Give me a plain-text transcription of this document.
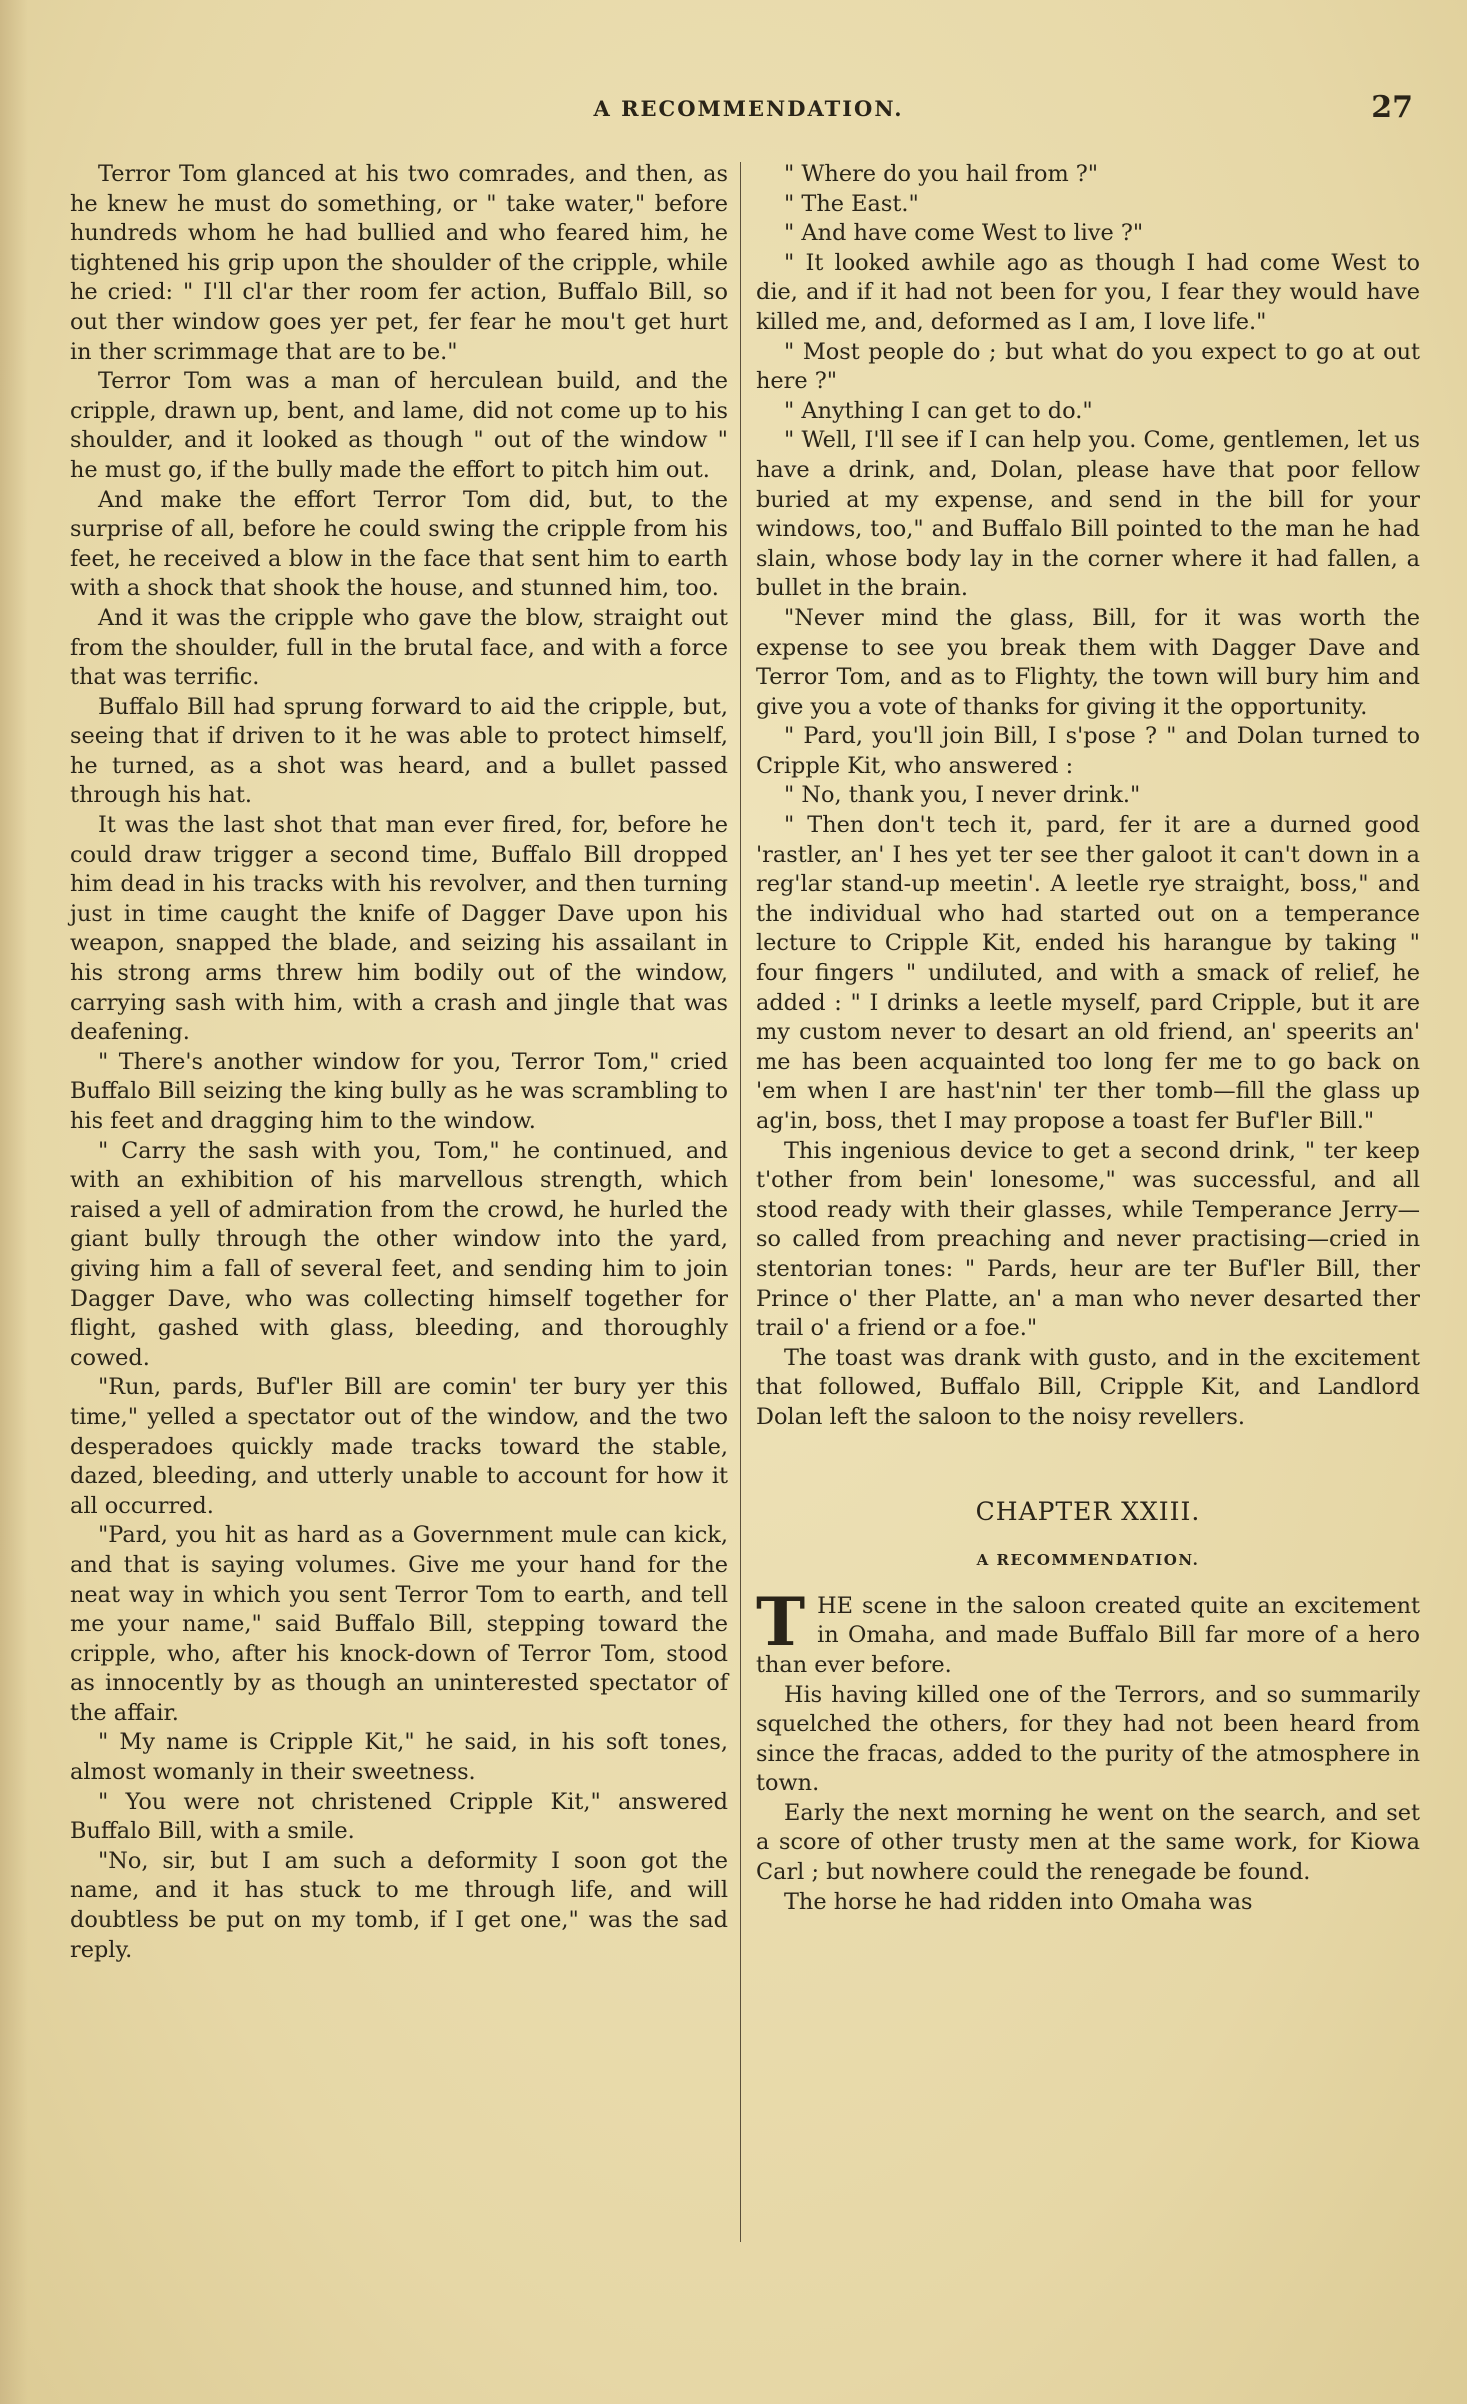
A RECOMMENDATION.	27

Terror Tom glanced at his two comrades, and then, as he knew he must do something, or " take water," before hundreds whom he had bullied and who feared him, he tightened his grip upon the shoulder of the cripple, while he cried: " I'll cl'ar ther room fer action, Buffalo Bill, so out ther window goes yer pet, fer fear he mou't get hurt in ther scrimmage that are to be."

Terror Tom was a man of herculean build, and the cripple, drawn up, bent, and lame, did not come up to his shoulder, and it looked as though " out of the window " he must go, if the bully made the effort to pitch him out.

And make the effort Terror Tom did, but, to the surprise of all, before he could swing the cripple from his feet, he received a blow in the face that sent him to earth with a shock that shook the house, and stunned him, too.

And it was the cripple who gave the blow, straight out from the shoulder, full in the brutal face, and with a force that was terrific.

Buffalo Bill had sprung forward to aid the cripple, but, seeing that if driven to it he was able to protect himself, he turned, as a shot was heard, and a bullet passed through his hat.

It was the last shot that man ever fired, for, before he could draw trigger a second time, Buffalo Bill dropped him dead in his tracks with his revolver, and then turning just in time caught the knife of Dagger Dave upon his weapon, snapped the blade, and seizing his assailant in his strong arms threw him bodily out of the window, carrying sash with him, with a crash and jingle that was deafening.

" There's another window for you, Terror Tom," cried Buffalo Bill seizing the king bully as he was scrambling to his feet and dragging him to the window.

" Carry the sash with you, Tom," he continued, and with an exhibition of his marvellous strength, which raised a yell of admiration from the crowd, he hurled the giant bully through the other window into the yard, giving him a fall of several feet, and sending him to join Dagger Dave, who was collecting himself together for flight, gashed with glass, bleeding, and thoroughly cowed.

"Run, pards, Buf'ler Bill are comin' ter bury yer this time," yelled a spectator out of the window, and the two desperadoes quickly made tracks toward the stable, dazed, bleeding, and utterly unable to account for how it all occurred.

"Pard, you hit as hard as a Government mule can kick, and that is saying volumes. Give me your hand for the neat way in which you sent Terror Tom to earth, and tell me your name," said Buffalo Bill, stepping toward the cripple, who, after his knock-down of Terror Tom, stood as innocently by as though an uninterested spectator of the affair.

" My name is Cripple Kit," he said, in his soft tones, almost womanly in their sweetness.

" You were not christened Cripple Kit," answered Buffalo Bill, with a smile.

"No, sir, but I am such a deformity I soon got the name, and it has stuck to me through life, and will doubtless be put on my tomb, if I get one," was the sad reply.

" Where do you hail from ?"

" The East."

" And have come West to live ?"

" It looked awhile ago as though I had come West to die, and if it had not been for you, I fear they would have killed me, and, deformed as I am, I love life."

" Most people do ; but what do you expect to go at out here ?"

" Anything I can get to do."

" Well, I'll see if I can help you. Come, gentlemen, let us have a drink, and, Dolan, please have that poor fellow buried at my expense, and send in the bill for your windows, too," and Buffalo Bill pointed to the man he had slain, whose body lay in the corner where it had fallen, a bullet in the brain.

"Never mind the glass, Bill, for it was worth the expense to see you break them with Dagger Dave and Terror Tom, and as to Flighty, the town will bury him and give you a vote of thanks for giving it the opportunity.

" Pard, you'll join Bill, I s'pose ? " and Dolan turned to Cripple Kit, who answered :

" No, thank you, I never drink."

" Then don't tech it, pard, fer it are a durned good 'rastler, an' I hes yet ter see ther galoot it can't down in a reg'lar stand-up meetin'. A leetle rye straight, boss," and the individual who had started out on a temperance lecture to Cripple Kit, ended his harangue by taking " four fingers " undiluted, and with a smack of relief, he added : " I drinks a leetle myself, pard Cripple, but it are my custom never to desart an old friend, an' speerits an' me has been acquainted too long fer me to go back on 'em when I are hast'nin' ter ther tomb—fill the glass up ag'in, boss, thet I may propose a toast fer Buf'ler Bill."

This ingenious device to get a second drink, " ter keep t'other from bein' lonesome," was successful, and all stood ready with their glasses, while Temperance Jerry—so called from preaching and never practising—cried in stentorian tones: " Pards, heur are ter Buf'ler Bill, ther Prince o' ther Platte, an' a man who never desarted ther trail o' a friend or a foe."

The toast was drank with gusto, and in the excitement that followed, Buffalo Bill, Cripple Kit, and Landlord Dolan left the saloon to the noisy revellers.

CHAPTER XXIII.
A RECOMMENDATION.

THE scene in the saloon created quite an excitement in Omaha, and made Buffalo Bill far more of a hero than ever before.

His having killed one of the Terrors, and so summarily squelched the others, for they had not been heard from since the fracas, added to the purity of the atmosphere in town.

Early the next morning he went on the search, and set a score of other trusty men at the same work, for Kiowa Carl ; but nowhere could the renegade be found.

The horse he had ridden into Omaha was
